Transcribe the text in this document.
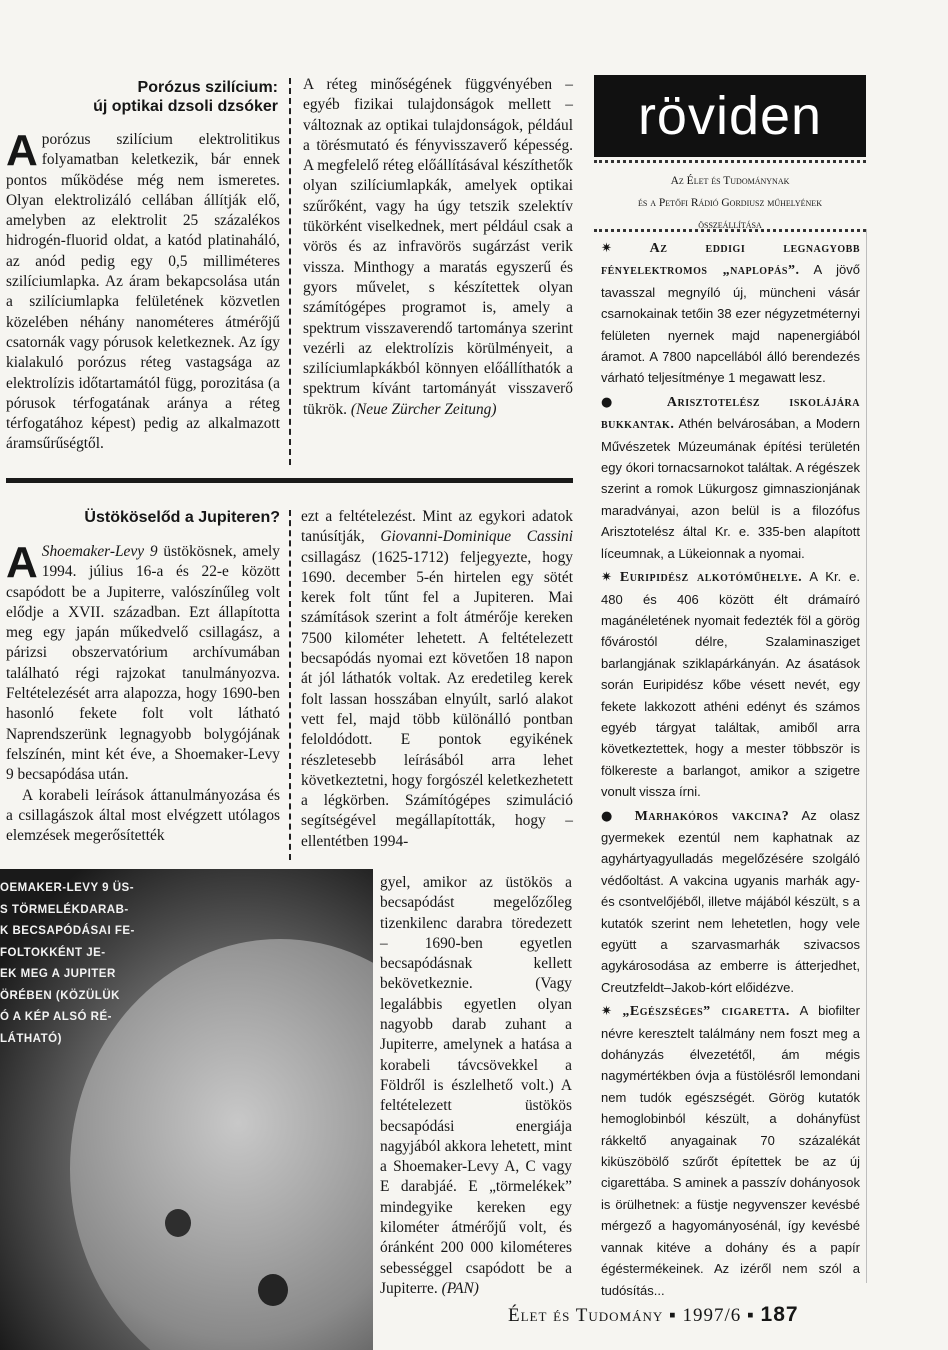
Porózus szilícium:
új optikai dzsoli dzsóker
A porózus szilícium elektrolitikus folyamatban keletkezik, bár ennek pontos működése még nem ismeretes. Olyan elektrolizáló cellában állítják elő, amelyben az elektrolit 25 százalékos hidrogén-fluorid oldat, a katód platinaháló, az anód pedig egy 0,5 milliméteres szilíciumlapka. Az áram bekapcsolása után a szilíciumlapka felületének közvetlen közelében néhány nanométeres átmérőjű csatornák vagy pórusok keletkeznek. Az így kialakuló porózus réteg vastagsága az elektrolízis időtartamától függ, porozitása (a pórusok térfogatának aránya a réteg térfogatához képest) pedig az alkalmazott áramsűrűségtől.
A réteg minőségének függvényében – egyéb fizikai tulajdonságok mellett – változnak az optikai tulajdonságok, például a törésmutató és fényvisszaverő képesség. A megfelelő réteg előállításával készíthetők olyan szilíciumlapkák, amelyek optikai szűrőként, vagy ha úgy tetszik szelektív tükörként viselkednek, mert például csak a vörös és az infravörös sugárzást verik vissza. Minthogy a maratás egyszerű és gyors művelet, s készítettek olyan számítógépes programot is, amely a spektrum visszaverendő tartománya szerint vezérli az elektrolízis körülményeit, a szilíciumlapkákból könnyen előállíthatók a spektrum kívánt tartományát visszaverő tükrök. (Neue Zürcher Zeitung)
Üstököselőd a Jupiteren?
A Shoemaker-Levy 9 üstökösnek, amely 1994. július 16-a és 22-e között csapódott be a Jupiterre, valószínűleg volt elődje a XVII. században. Ezt állapította meg egy japán műkedvelő csillagász, a párizsi obszervatórium archívumában található régi rajzokat tanulmányozva. Feltételezését arra alapozza, hogy 1690-ben hasonló fekete folt volt látható Naprendszerünk legnagyobb bolygójának felszínén, mint két éve, a Shoemaker-Levy 9 becsapódása után.
A korabeli leírások áttanulmányozása és a csillagászok által most elvégzett utólagos elemzések megerősítették
ezt a feltételezést. Mint az egykori adatok tanúsítják, Giovanni-Dominique Cassini csillagász (1625-1712) feljegyezte, hogy 1690. december 5-én hirtelen egy sötét kerek folt tűnt fel a Jupiteren. Mai számítások szerint a folt átmérője kereken 7500 kilométer lehetett. A feltételezett becsapódás nyomai ezt követően 18 napon át jól láthatók voltak. Az eredetileg kerek folt lassan hosszában elnyúlt, sarló alakot vett fel, majd több különálló pontban feloldódott. E pontok egyikének részletesebb leírásából arra lehet következtetni, hogy forgószél keletkezhetett a légkörben. Számítógépes szimuláció segítségével megállapították, hogy – ellentétben 1994-
gyel, amikor az üstökös a becsapódást megelőzőleg tizenkilenc darabra töredezett – 1690-ben egyetlen becsapódásnak kellett bekövetkeznie. (Vagy legalábbis egyetlen olyan nagyobb darab zuhant a Jupiterre, amelynek a hatása a korabeli távcsövekkel a Földről is észlelhető volt.) A feltételezett üstökös becsapódási energiája nagyjából akkora lehetett, mint a Shoemaker-Levy A, C vagy E darabjáé. E „törmelékek” mindegyike kereken egy kilométer átmérőjű volt, és óránként 200 000 kilométeres sebességgel csapódott be a Jupiterre. (PAN)
OEMAKER-LEVY 9 ÜS-
S TÖRMELÉKDARAB-
K BECSAPÓDÁSAI FE-
FOLTOKKÉNT JE-
EK MEG A JUPITER
ÖRÉBEN (KÖZÜLÜK
Ó A KÉP ALSÓ RÉ-
LÁTHATÓ)
röviden
Az Élet és Tudománynak
és a Petőfi Rádió Gordiusz műhelyének
összeállítása

✷	Az eddigi legnagyobb fényelektromos „naplopás”. A jövő tavasszal megnyíló új, müncheni vásár csarnokainak tetőin 38 ezer négyzetméternyi felületen nyernek majd napenergiából áramot. A 7800 napcellából álló berendezés várható teljesítménye 1 megawatt lesz.

● Arisztotelész iskolájára bukkantak. Athén belvárosában, a Modern Művészetek Múzeumának építési területén egy ókori tornacsarnokot találtak. A régészek szerint a romok Lükurgosz gimnaszionjának maradványai, azon belül is a filozófus Arisztotelész által Kr. e. 335-ben alapított líceumnak, a Lükeionnak a nyomai.

✷ Euripidész alkotóműhelye. A Kr. e. 480 és 406 között élt drámaíró magánéletének nyomait fedezték föl a görög fővárostól délre, Szalaminasziget barlangjának sziklapárkányán. Az ásatások során Euripidész kőbe vésett nevét, egy fekete lakkozott athéni edényt és számos egyéb tárgyat találtak, amiből arra következtettek, hogy a mester többször is fölkereste a barlangot, amikor a szigetre vonult vissza írni.

● Marhakóros vakcina? Az olasz gyermekek ezentúl nem kaphatnak az agyhártyagyulladás megelőzésére szolgáló védőoltást. A vakcina ugyanis marhák agy- és csontvelőjéből, illetve májából készült, s a kutatók szerint nem lehetetlen, hogy vele együtt a szarvasmarhák szivacsos agykárosodása az emberre is átterjedhet, Creutzfeldt–Jakob-kórt előidézve.

✷ „Egészséges” cigaretta. A biofilter névre keresztelt találmány nem foszt meg a dohányzás élvezetétől, ám mégis nagymértékben óvja a füstölésről lemondani nem tudók egészségét. Görög kutatók hemoglobinból készült, a dohányfüst rákkeltő anyagainak 70 százalékát kiküszöbölő szűrőt építettek be az új cigarettába. S aminek a passzív dohányosok is örülhetnek: a füstje negyvenszer kevésbé mérgező a hagyományosénál, így kevésbé vannak kitéve a dohány és a papír égéstermékeinek. Az izéről nem szól a tudósítás...

Élet és Tudomány ▪ 1997/6 ▪ 187
